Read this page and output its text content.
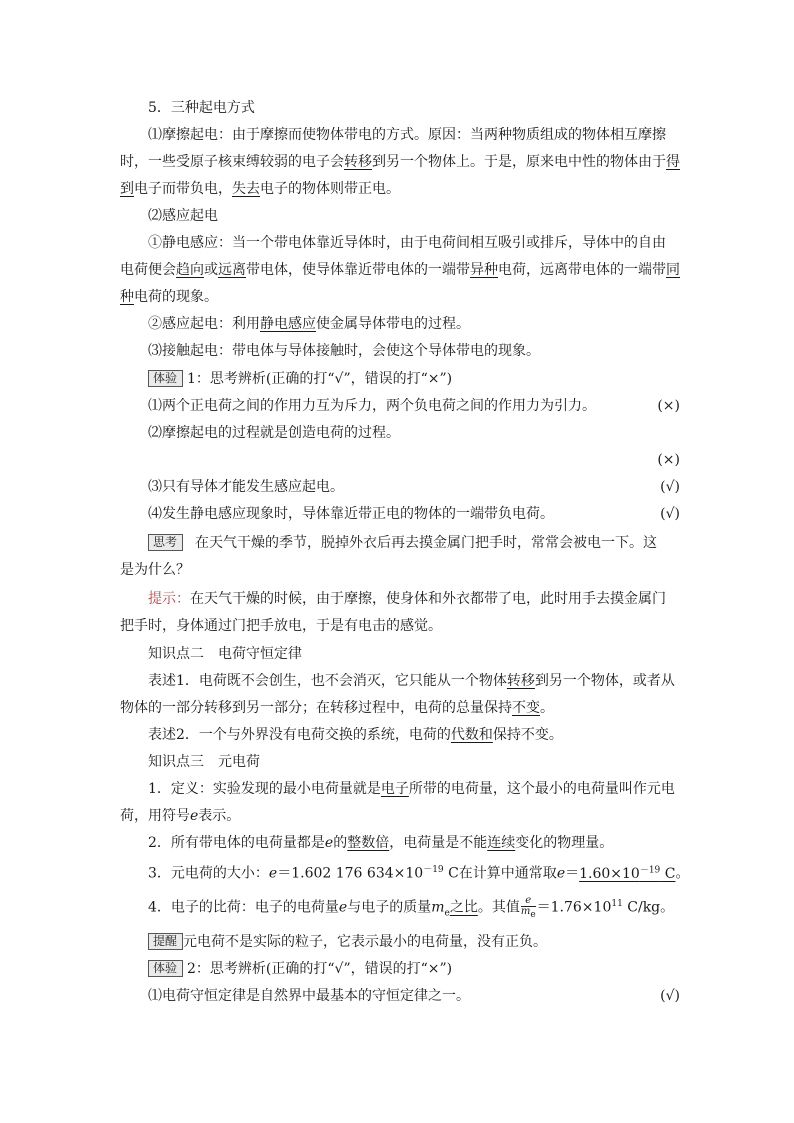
5．三种起电方式
⑴摩擦起电：由于摩擦而使物体带电的方式。原因：当两种物质组成的物体相互摩擦
时，一些受原子核束缚较弱的电子会转移到另一个物体上。于是，原来电中性的物体由于得
到电子而带负电，失去电子的物体则带正电。
⑵感应起电
①静电感应：当一个带电体靠近导体时，由于电荷间相互吸引或排斥，导体中的自由
电荷便会趋向或远离带电体，使导体靠近带电体的一端带异种电荷，远离带电体的一端带同
种电荷的现象。
②感应起电：利用静电感应使金属导体带电的过程。
⑶接触起电：带电体与导体接触时，会使这个导体带电的现象。
体验 1：思考辨析(正确的打“√”，错误的打“×”)
⑴两个正电荷之间的作用力互为斥力，两个负电荷之间的作用力为引力。	(×)
⑵摩擦起电的过程就是创造电荷的过程。
(×)
⑶只有导体才能发生感应起电。	(√)
⑷发生静电感应现象时，导体靠近带正电的物体的一端带负电荷。	(√)
思考 在天气干燥的季节，脱掉外衣后再去摸金属门把手时，常常会被电一下。这
是为什么？
提示：在天气干燥的时候，由于摩擦，使身体和外衣都带了电，此时用手去摸金属门
把手时，身体通过门把手放电，于是有电击的感觉。
知识点二　电荷守恒定律
表述1．电荷既不会创生，也不会消灭，它只能从一个物体转移到另一个物体，或者从
物体的一部分转移到另一部分；在转移过程中，电荷的总量保持不变。
表述2．一个与外界没有电荷交换的系统，电荷的代数和保持不变。
知识点三　元电荷
1．定义：实验发现的最小电荷量就是电子所带的电荷量，这个最小的电荷量叫作元电
荷，用符号e表示。
2．所有带电体的电荷量都是e的整数倍，电荷量是不能连续变化的物理量。
3．元电荷的大小：e＝1.602 176 $634\times 10^{-19}$ C在计算中通常取$e=1.60\times 10^{-19}$ C。
4．电子的比荷：电子的电荷量e与电子的质量$m_e$之比。其值 $\frac{e}{m_e} =1.76\times 10^{11}$ C/kg。
提醒 元电荷不是实际的粒子，它表示最小的电荷量，没有正负。
体验 2：思考辨析(正确的打“√”，错误的打“×”)
⑴电荷守恒定律是自然界中最基本的守恒定律之一。	(√)
